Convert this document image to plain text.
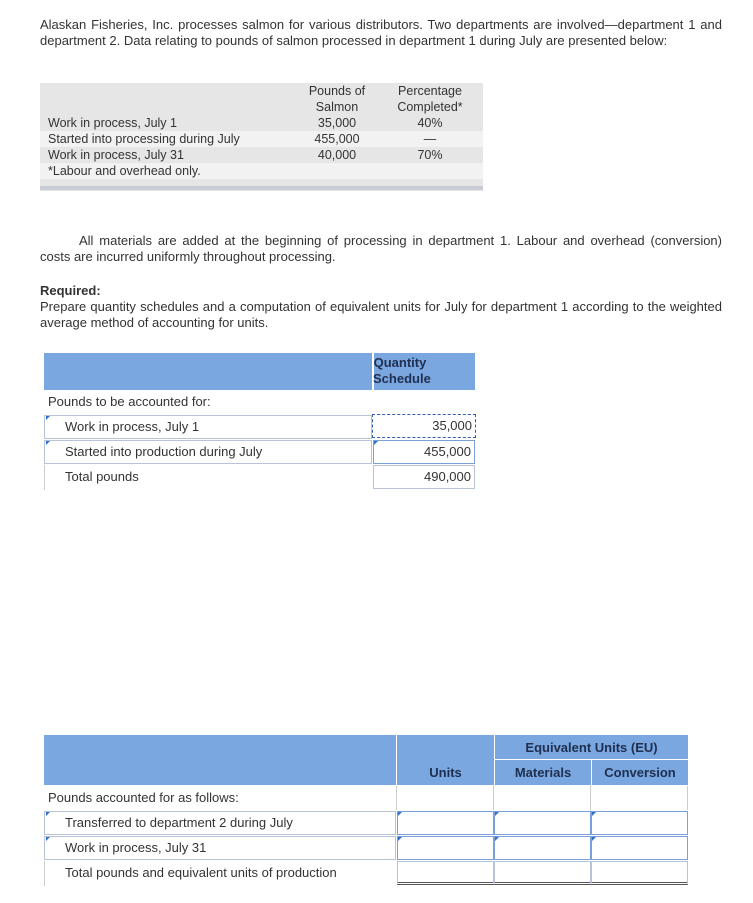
Alaskan Fisheries, Inc. processes salmon for various distributors. Two departments are involved—department 1 and department 2. Data relating to pounds of salmon processed in department 1 during July are presented below:
Pounds of
Salmon
Percentage
Completed*
Work in process, July 1	35,000	40%
Started into processing during July	455,000	—
Work in process, July 31	40,000	70%
*Labour and overhead only.
All materials are added at the beginning of processing in department 1. Labour and overhead (conversion) costs are incurred uniformly throughout processing.
Required:
Prepare quantity schedules and a computation of equivalent units for July for department 1 according to the weighted average method of accounting for units.
Quantity
Schedule
Pounds to be accounted for:
Work in process, July 1	35,000
Started into production during July	455,000
Total pounds	490,000
Equivalent Units (EU)
Units	Materials	Conversion
Pounds accounted for as follows:
Transferred to department 2 during July
Work in process, July 31
Total pounds and equivalent units of production
